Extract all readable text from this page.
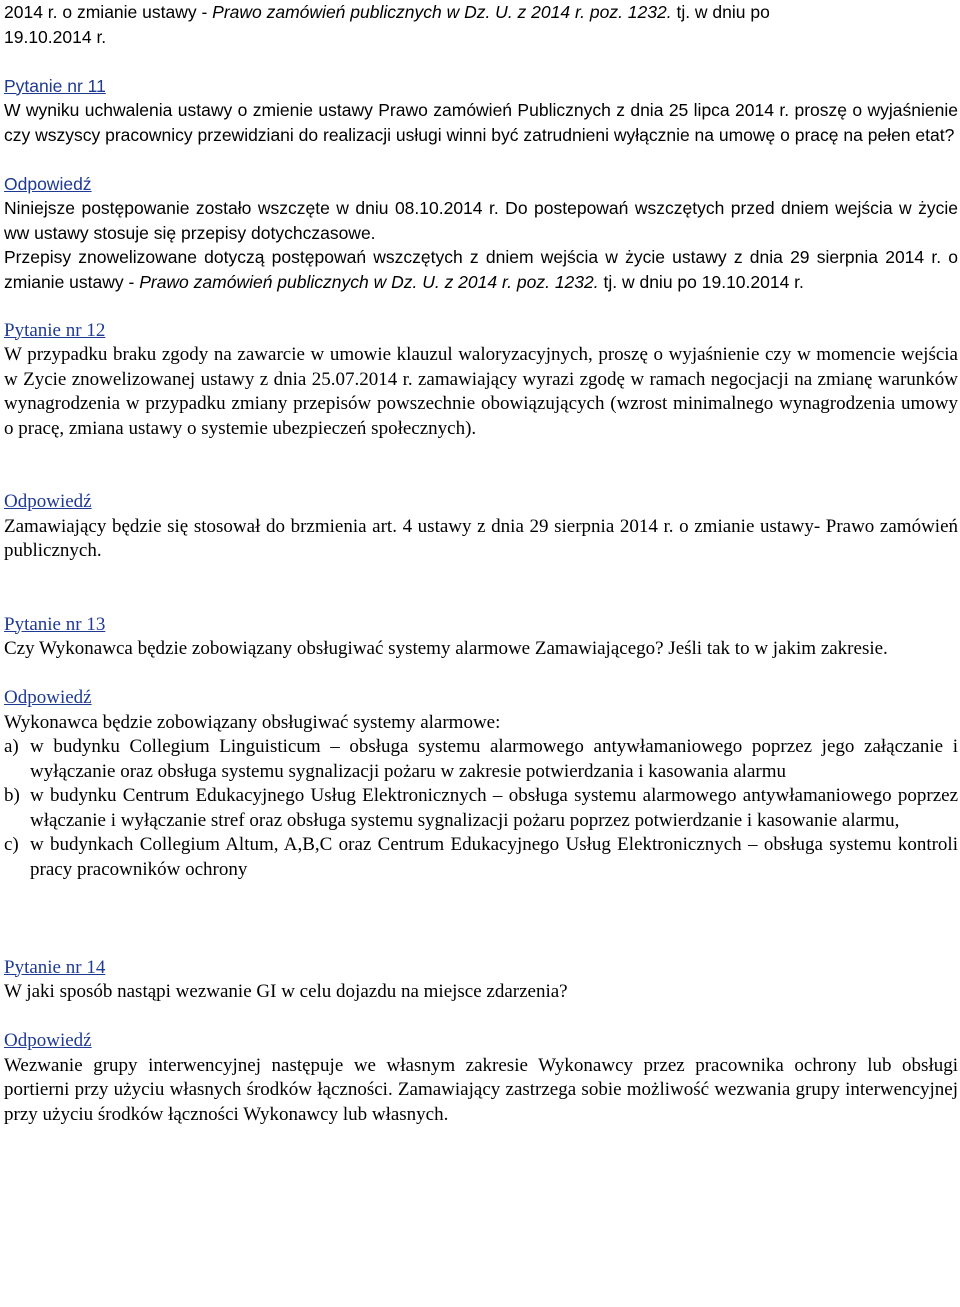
2014 r. o zmianie ustawy - Prawo zamówień publicznych w Dz. U. z 2014 r. poz. 1232. tj. w dniu po

19.10.2014 r.

Pytanie nr 11

W wyniku uchwalenia ustawy o zmienie ustawy Prawo zamówień Publicznych z dnia 25 lipca 2014 r. proszę o wyjaśnienie czy wszyscy pracownicy przewidziani do realizacji usługi winni być zatrudnieni wyłącznie na umowę o pracę na pełen etat?

Odpowiedź

Niniejsze postępowanie zostało wszczęte w dniu 08.10.2014 r. Do postepowań wszczętych przed dniem wejścia w życie ww ustawy stosuje się przepisy dotychczasowe.

Przepisy znowelizowane dotyczą postępowań wszczętych z dniem wejścia w życie ustawy z dnia 29 sierpnia 2014 r. o zmianie ustawy - Prawo zamówień publicznych w Dz. U. z 2014 r. poz. 1232. tj. w dniu po 19.10.2014 r.

Pytanie nr 12

W przypadku braku zgody na zawarcie w umowie klauzul waloryzacyjnych, proszę o wyjaśnienie czy w momencie wejścia w Zycie znowelizowanej ustawy z dnia 25.07.2014 r. zamawiający wyrazi zgodę w ramach negocjacji na zmianę warunków wynagrodzenia w przypadku zmiany przepisów powszechnie obowiązujących (wzrost minimalnego wynagrodzenia umowy o pracę, zmiana ustawy o systemie ubezpieczeń społecznych).

Odpowiedź

Zamawiający będzie się stosował do brzmienia art. 4 ustawy z dnia 29 sierpnia 2014 r. o zmianie ustawy- Prawo zamówień publicznych.

Pytanie nr 13

Czy Wykonawca będzie zobowiązany obsługiwać systemy alarmowe Zamawiającego? Jeśli tak to w jakim zakresie.

Odpowiedź

Wykonawca będzie zobowiązany obsługiwać systemy alarmowe:

a) w budynku Collegium Linguisticum – obsługa systemu alarmowego antywłamaniowego poprzez jego załączanie i wyłączanie oraz obsługa systemu sygnalizacji pożaru w zakresie potwierdzania i kasowania alarmu
b) w budynku Centrum Edukacyjnego Usług Elektronicznych – obsługa systemu alarmowego antywłamaniowego poprzez włączanie i wyłączanie stref oraz obsługa systemu sygnalizacji pożaru poprzez potwierdzanie i kasowanie alarmu,
c) w budynkach Collegium Altum, A,B,C oraz Centrum Edukacyjnego Usług Elektronicznych – obsługa systemu kontroli pracy pracowników ochrony

Pytanie nr 14

W jaki sposób nastąpi wezwanie GI w celu dojazdu na miejsce zdarzenia?

Odpowiedź

Wezwanie grupy interwencyjnej następuje we własnym zakresie Wykonawcy przez pracownika ochrony lub obsługi portierni przy użyciu własnych środków łączności. Zamawiający zastrzega sobie możliwość wezwania grupy interwencyjnej przy użyciu środków łączności Wykonawcy lub własnych.
